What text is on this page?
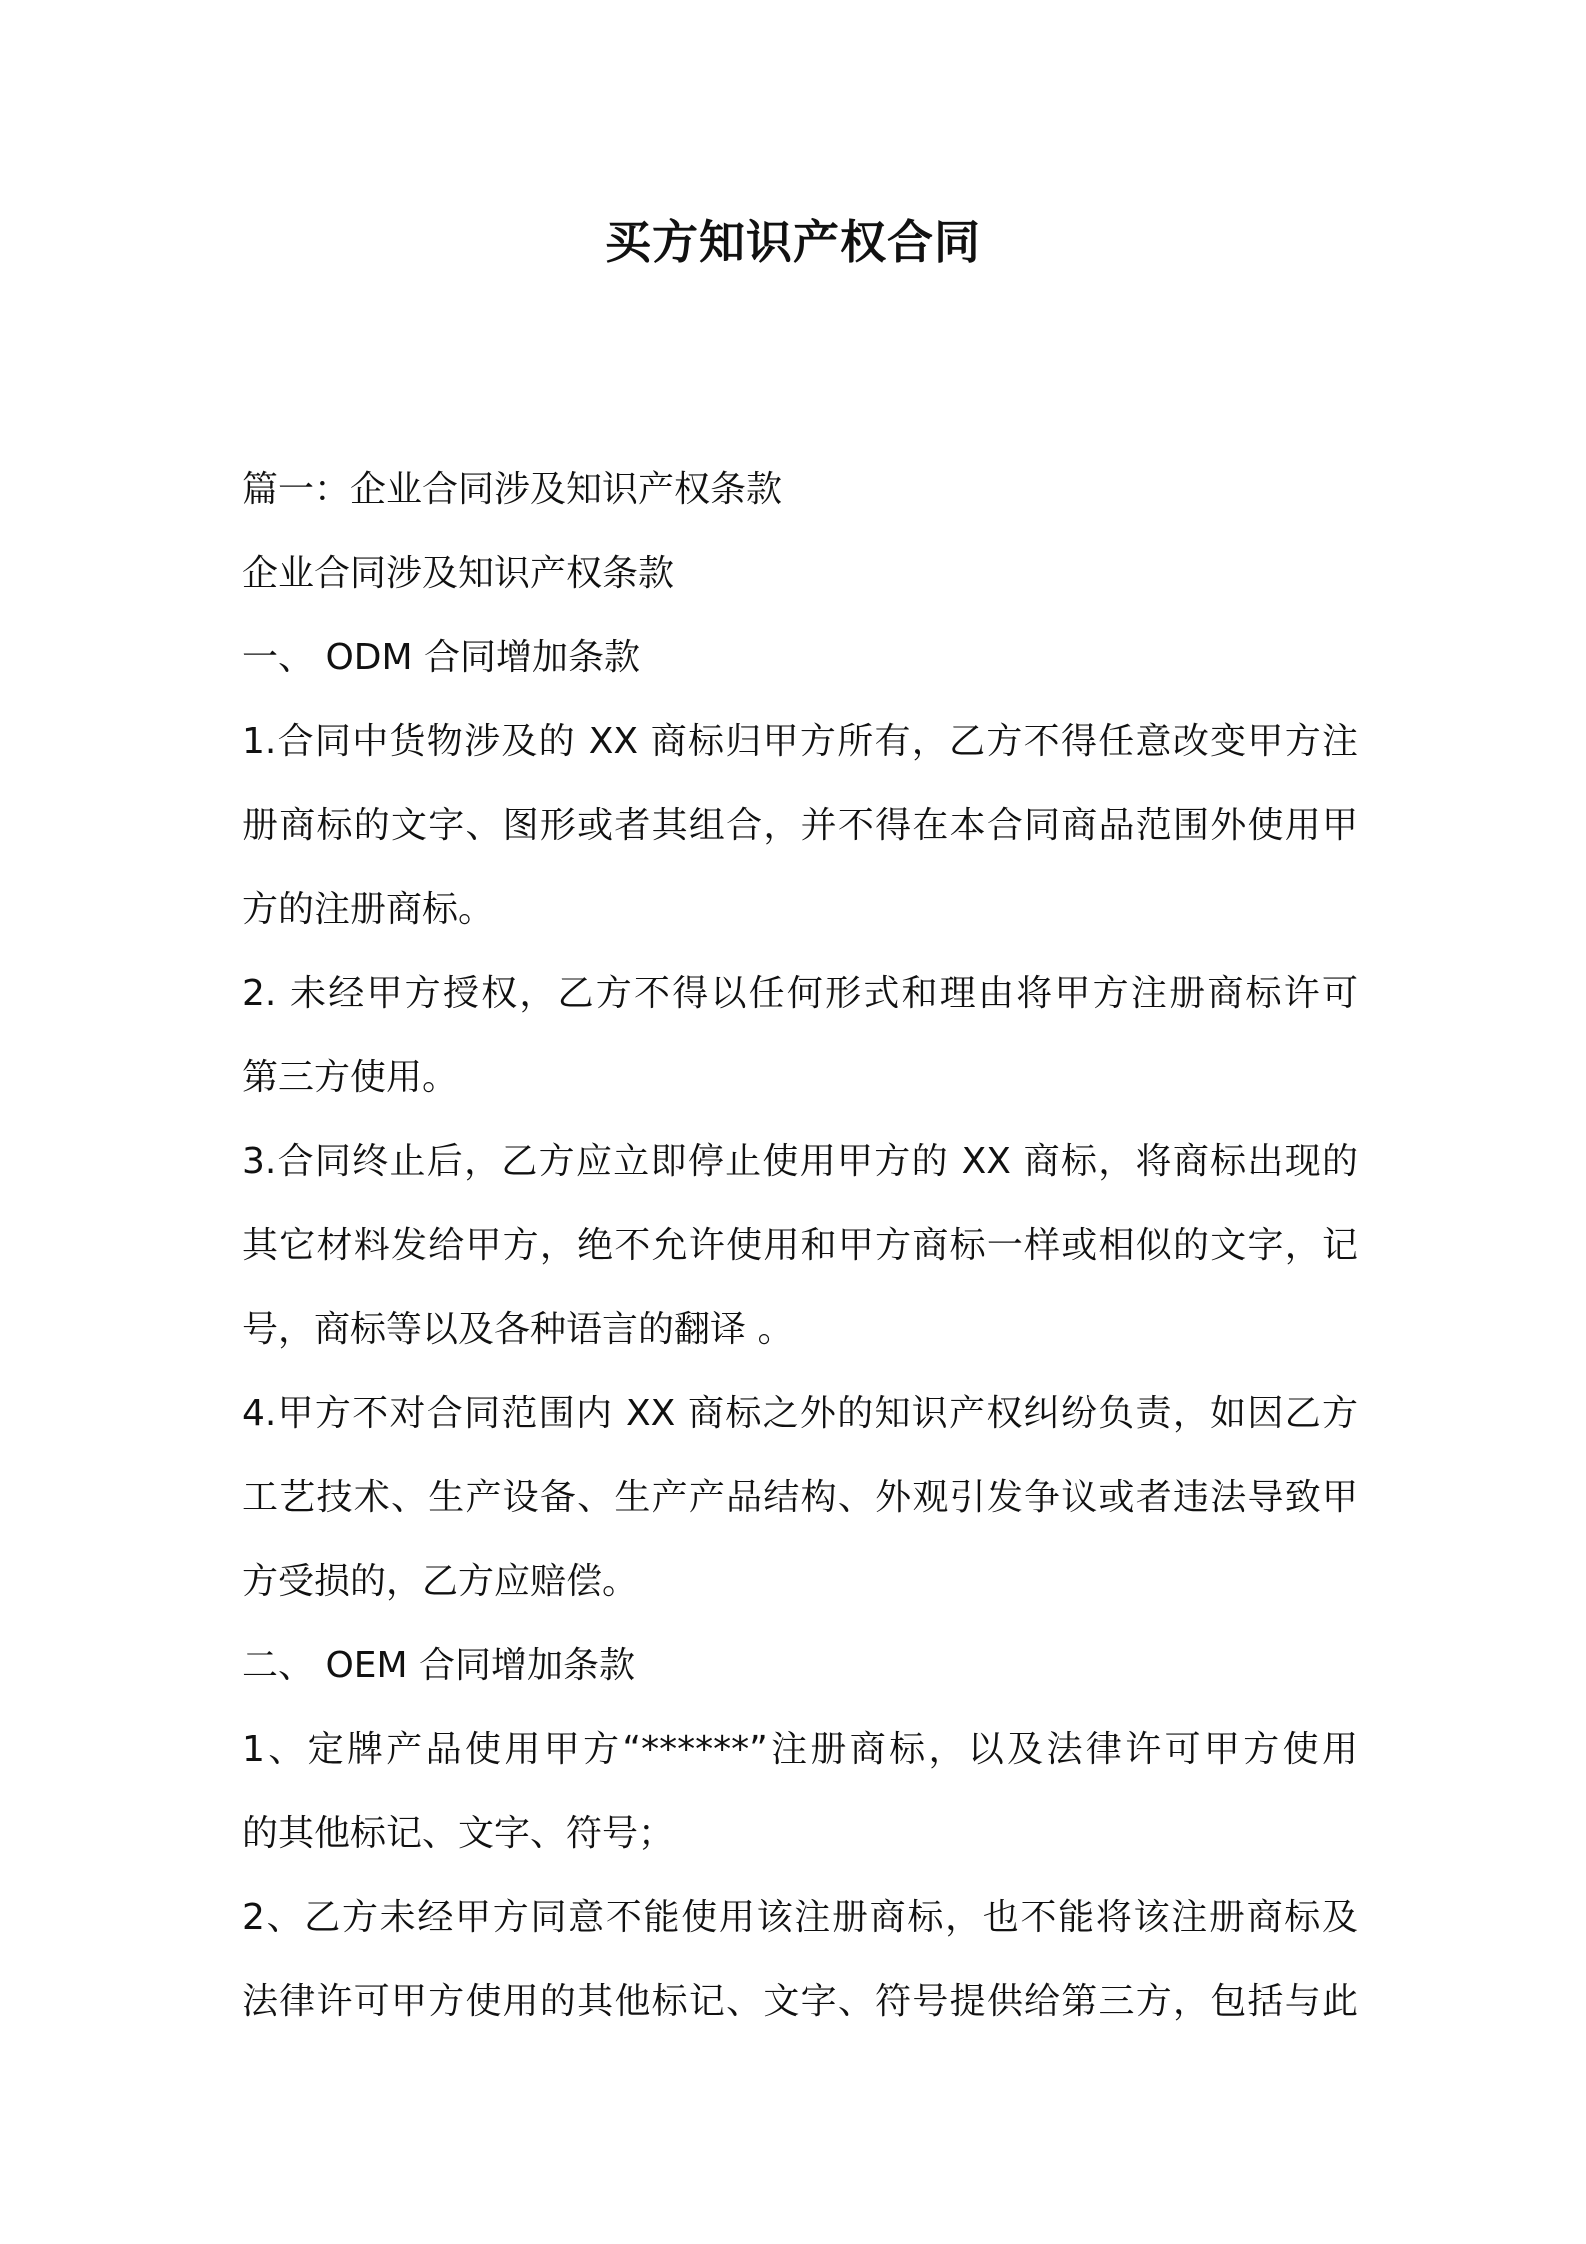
买方知识产权合同
篇一：企业合同涉及知识产权条款
企业合同涉及知识产权条款
一、 ODM 合同增加条款
1.合同中货物涉及的 XX 商标归甲方所有，乙方不得任意改变甲方注
册商标的文字、图形或者其组合，并不得在本合同商品范围外使用甲
方的注册商标。
2. 未经甲方授权，乙方不得以任何形式和理由将甲方注册商标许可
第三方使用。
3.合同终止后，乙方应立即停止使用甲方的 XX 商标，将商标出现的
其它材料发给甲方，绝不允许使用和甲方商标一样或相似的文字，记
号，商标等以及各种语言的翻译 。
4.甲方不对合同范围内 XX 商标之外的知识产权纠纷负责，如因乙方
工艺技术、生产设备、生产产品结构、外观引发争议或者违法导致甲
方受损的，乙方应赔偿。
二、 OEM 合同增加条款
1、定牌产品使用甲方“******”注册商标，以及法律许可甲方使用
的其他标记、文字、符号；
2、乙方未经甲方同意不能使用该注册商标，也不能将该注册商标及
法律许可甲方使用的其他标记、文字、符号提供给第三方，包括与此
